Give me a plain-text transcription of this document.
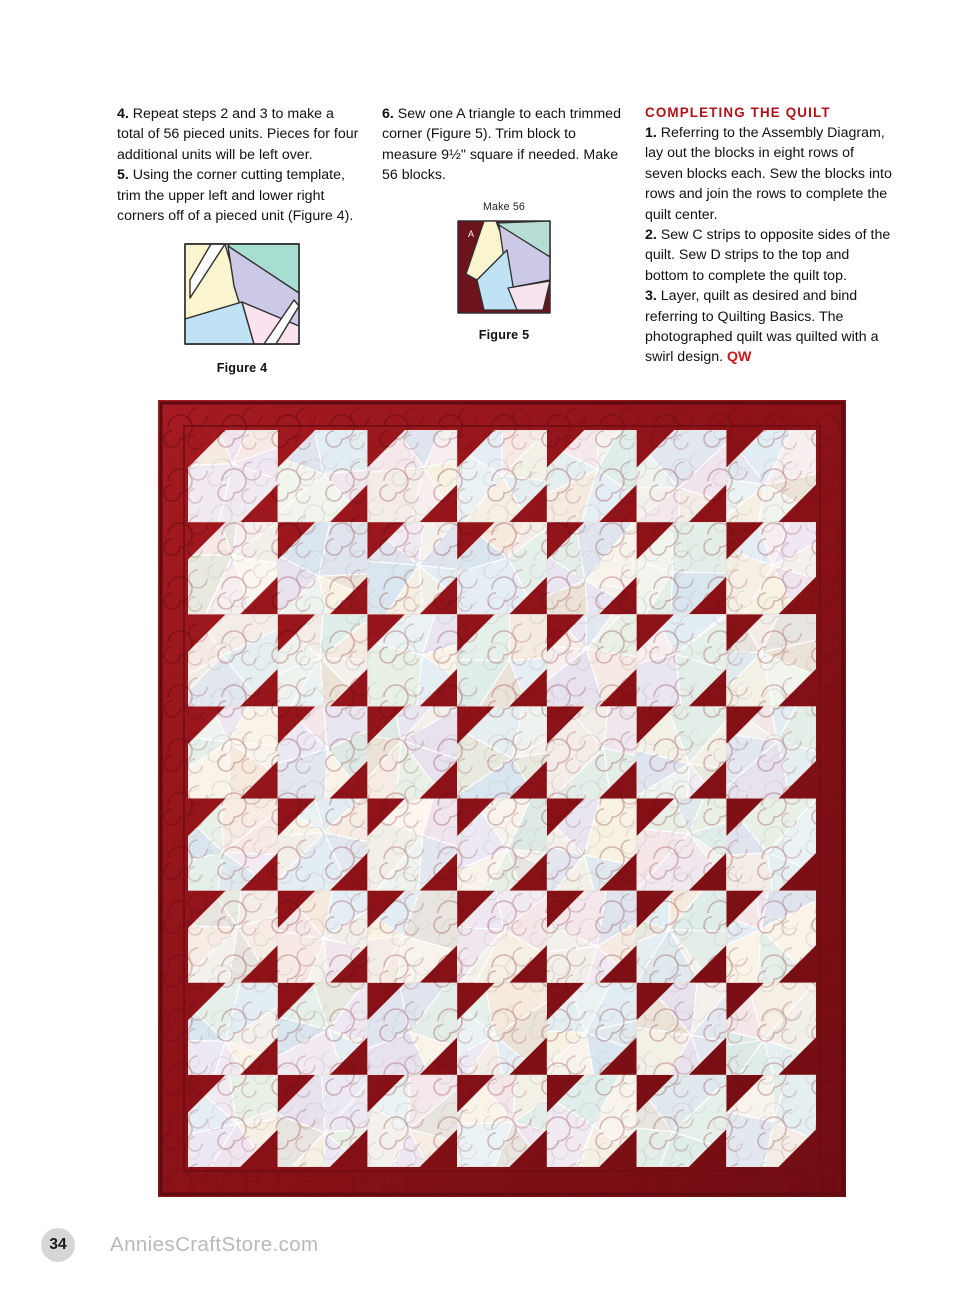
4. Repeat steps 2 and 3 to make a total of 56 pieced units. Pieces for four additional units will be left over.

5. Using the corner cutting template, trim the upper left and lower right corners off of a pieced unit (Figure 4).

Figure 4

6. Sew one A triangle to each trimmed corner (Figure 5). Trim block to measure 9½" square if needed. Make 56 blocks.

Make 56
A
Figure 5
COMPLETING THE QUILT

1. Referring to the Assembly Diagram, lay out the blocks in eight rows of seven blocks each. Sew the blocks into rows and join the rows to complete the quilt center.

2. Sew C strips to opposite sides of the quilt. Sew D strips to the top and bottom to complete the quilt top.

3. Layer, quilt as desired and bind referring to Quilting Basics. The photographed quilt was quilted with a swirl design. QW

34	AnniesCraftStore.com
